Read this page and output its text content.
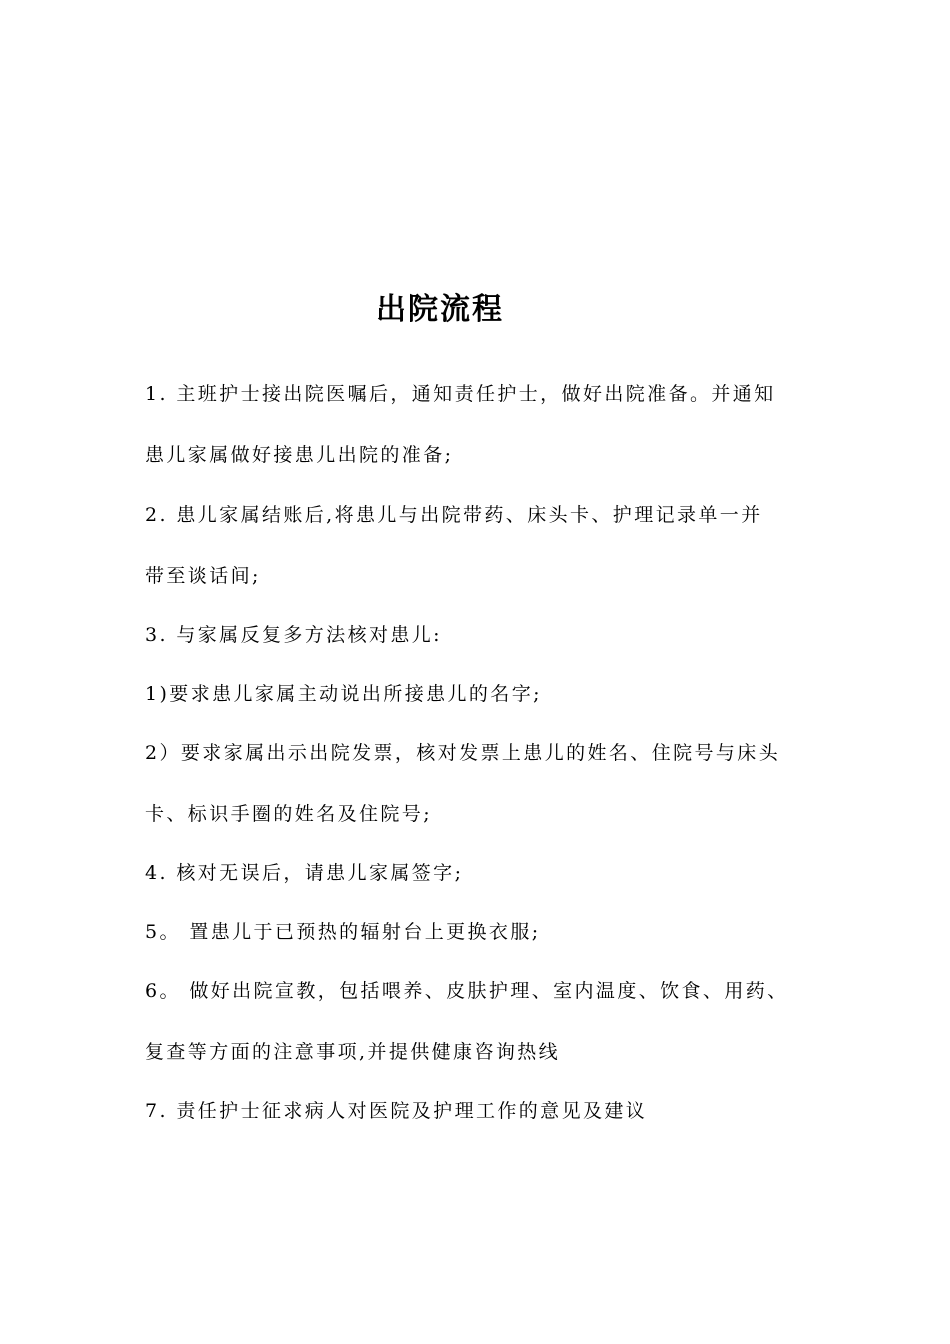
出院流程
1. 主班护士接出院医嘱后，通知责任护士，做好出院准备。并通知
患儿家属做好接患儿出院的准备;
2. 患儿家属结账后,将患儿与出院带药、床头卡、护理记录单一并
带至谈话间;
3. 与家属反复多方法核对患儿:
1)要求患儿家属主动说出所接患儿的名字;
2）要求家属出示出院发票，核对发票上患儿的姓名、住院号与床头
卡、标识手圈的姓名及住院号;
4. 核对无误后，请患儿家属签字;
5。 置患儿于已预热的辐射台上更换衣服;
6。 做好出院宣教，包括喂养、皮肤护理、室内温度、饮食、用药、
复查等方面的注意事项,并提供健康咨询热线
7. 责任护士征求病人对医院及护理工作的意见及建议
